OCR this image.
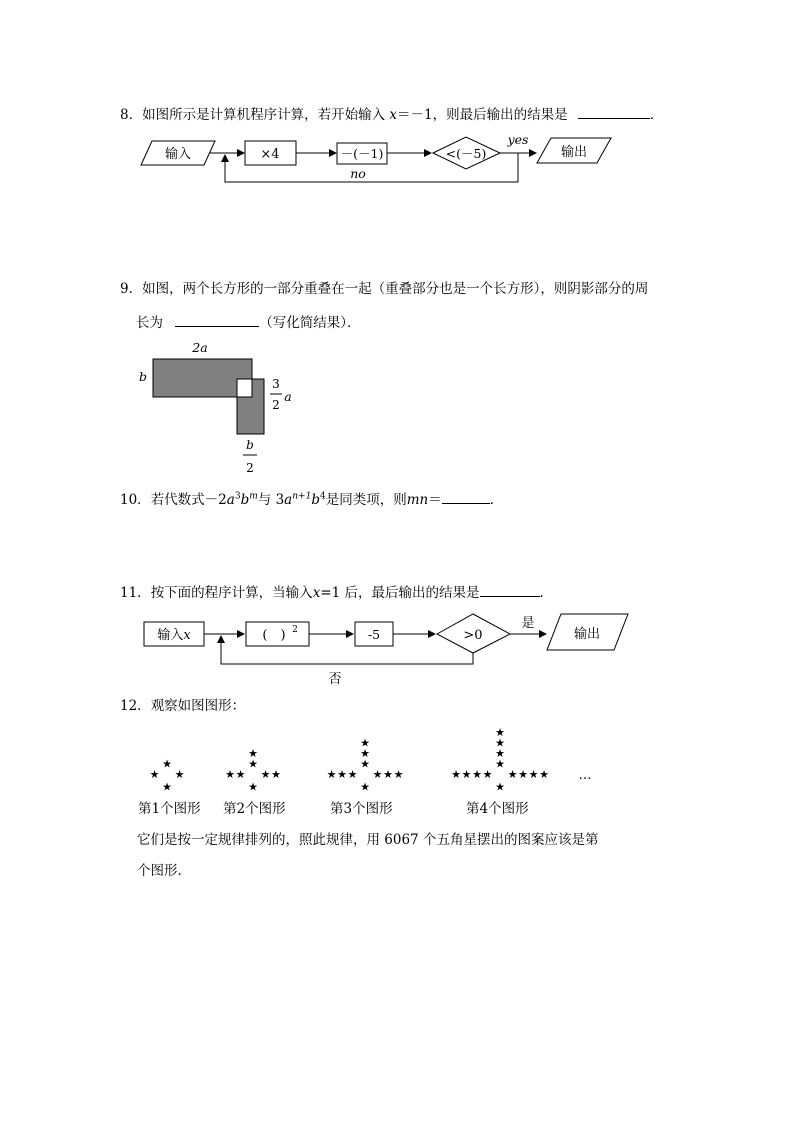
8．如图所示是计算机程序计算，若开始输入 x＝－1，则最后输出的结果是	．
输入	×4	－(－1)	<(－5)
yes
输出
no
9．如图，两个长方形的一部分重叠在一起（重叠部分也是一个长方形），则阴影部分的周
长为	（写化简结果）．
2a
b	3
2
a
b
2
10．若代数式$-2a^3b^m$与 $3a^{n+1}b^4$是同类项，则mn＝	．
11．按下面的程序计算，当输入x=1 后，最后输出的结果是	．
输入x	(　) 2	-5	>0
是
输出
否
12．观察如图图形：
…
★ ★
★
★
★ ★
★
★	★
★
★
★ ★
★
★	★
★
★	★
★
★
★ ★
★
★	★
★
★	★
★
★	★
★
★
第1个图形 第2个图形	第3个图形	第4个图形
它们是按一定规律排列的，照此规律，用 6067 个五角星摆出的图案应该是第
个图形．
